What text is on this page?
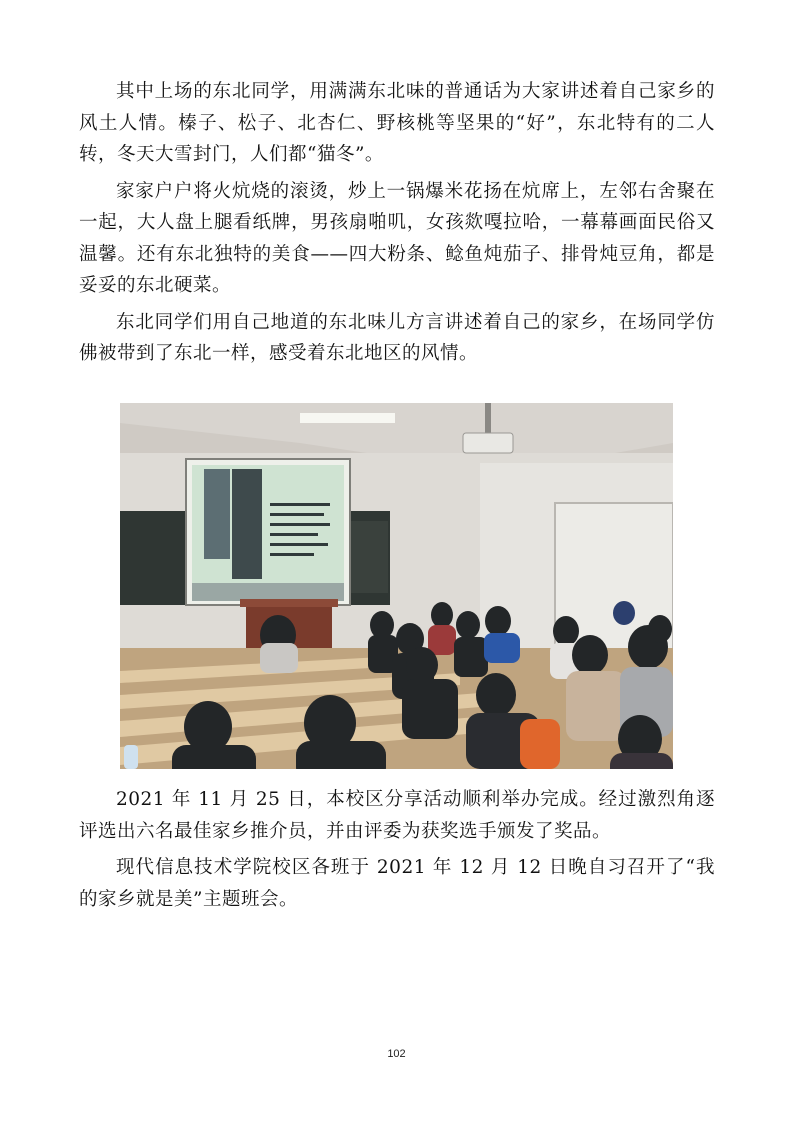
其中上场的东北同学，用满满东北味的普通话为大家讲述着自己家乡的风土人情。榛子、松子、北杏仁、野核桃等坚果的“好”，东北特有的二人转，冬天大雪封门，人们都“猫冬”。

家家户户将火炕烧的滚烫，炒上一锅爆米花扬在炕席上，左邻右舍聚在一起，大人盘上腿看纸牌，男孩扇啪叽，女孩欻嘎拉哈，一幕幕画面民俗又温馨。还有东北独特的美食——四大粉条、鲶鱼炖茄子、排骨炖豆角，都是妥妥的东北硬菜。

东北同学们用自己地道的东北味儿方言讲述着自己的家乡，在场同学仿佛被带到了东北一样，感受着东北地区的风情。

2021 年 11 月 25 日，本校区分享活动顺利举办完成。经过激烈角逐评选出六名最佳家乡推介员，并由评委为获奖选手颁发了奖品。

现代信息技术学院校区各班于 2021 年 12 月 12 日晚自习召开了“我的家乡就是美”主题班会。

102
